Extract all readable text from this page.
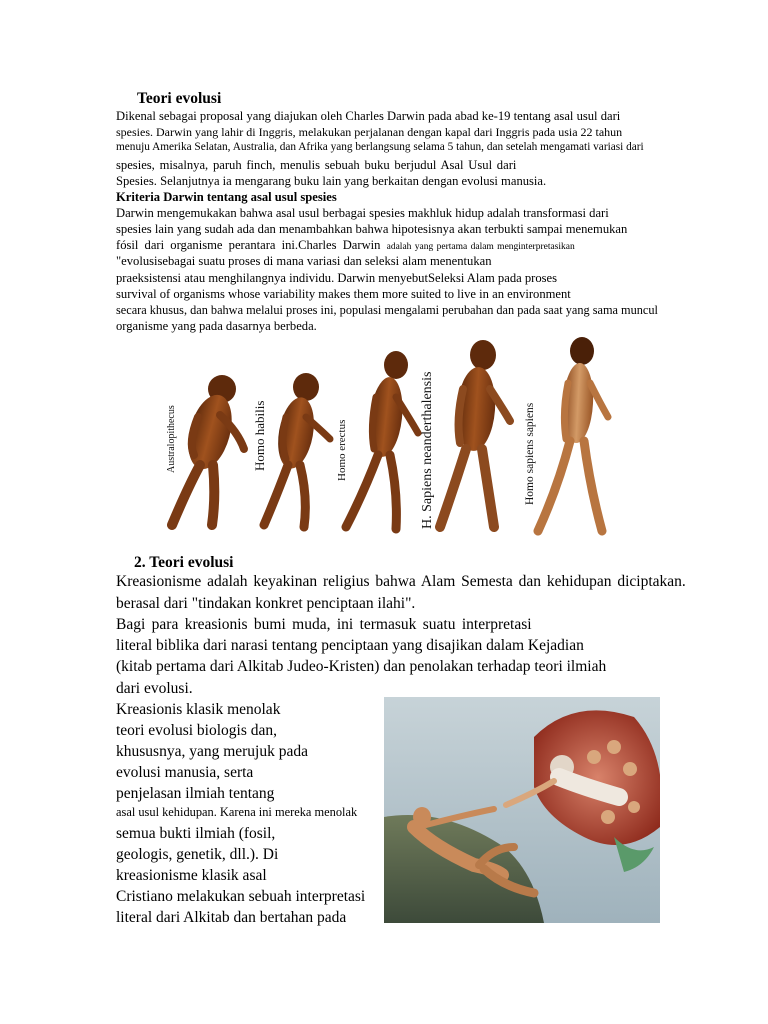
Teori evolusi
Dikenal sebagai proposal yang diajukan oleh Charles Darwin pada abad ke-19 tentang asal usul dari
spesies. Darwin yang lahir di Inggris, melakukan perjalanan dengan kapal dari Inggris pada usia 22 tahun
menuju Amerika Selatan, Australia, dan Afrika yang berlangsung selama 5 tahun, dan setelah mengamati variasi dari
spesies, misalnya, paruh finch, menulis sebuah buku berjudul Asal Usul dari
Spesies. Selanjutnya ia mengarang buku lain yang berkaitan dengan evolusi manusia.
Kriteria Darwin tentang asal usul spesies
Darwin mengemukakan bahwa asal usul berbagai spesies makhluk hidup adalah transformasi dari
spesies lain yang sudah ada dan menambahkan bahwa hipotesisnya akan terbukti sampai menemukan
fósil dari organisme perantara ini.Charles Darwin adalah yang pertama dalam menginterpretasikan
"evolusisebagai suatu proses di mana variasi dan seleksi alam menentukan
praeksistensi atau menghilangnya individu. Darwin menyebutSeleksi Alam pada proses
survival of organisms whose variability makes them more suited to live in an environment
secara khusus, dan bahwa melalui proses ini, populasi mengalami perubahan dan pada saat yang sama muncul
organisme yang pada dasarnya berbeda.
Australopithecus	Homo habilis	Homo erectus	H. Sapiens neanderthalensis	Homo sapiens sapiens
2. Teori evolusi
Kreasionisme adalah keyakinan religius bahwa Alam Semesta dan kehidupan diciptakan.
berasal dari "tindakan konkret penciptaan ilahi".
Bagi para kreasionis bumi muda, ini termasuk suatu interpretasi
literal biblika dari narasi tentang penciptaan yang disajikan dalam Kejadian
(kitab pertama dari Alkitab Judeo-Kristen) dan penolakan terhadap teori ilmiah
dari evolusi.
Kreasionis klasik menolak
teori evolusi biologis dan,
khususnya, yang merujuk pada
evolusi manusia, serta
penjelasan ilmiah tentang
asal usul kehidupan. Karena ini mereka menolak
semua bukti ilmiah (fosil,
geologis, genetik, dll.). Di
kreasionisme klasik asal
Cristiano melakukan sebuah interpretasi
literal dari Alkitab dan bertahan pada
